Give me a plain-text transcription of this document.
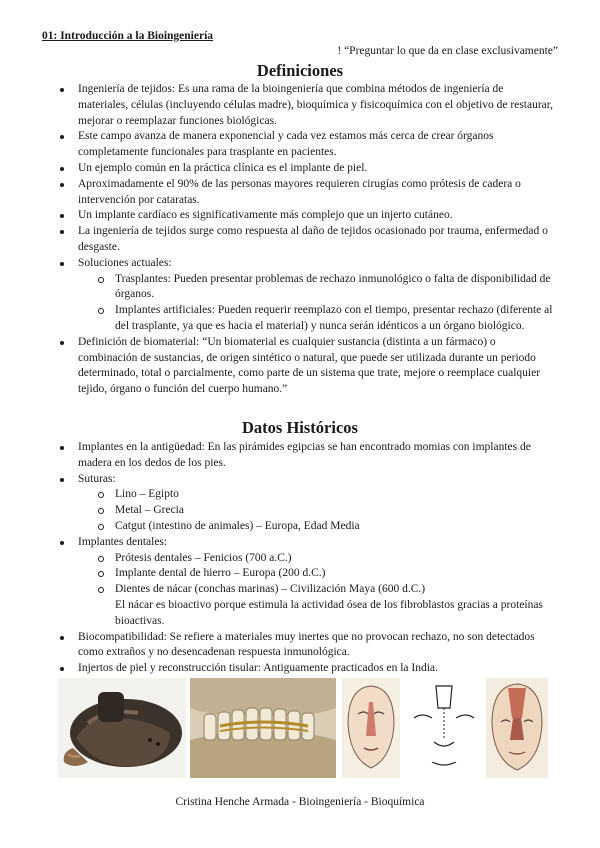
01: Introducción a la Bioingeniería
! “Preguntar lo que da en clase exclusivamente”
Definiciones
Ingeniería de tejidos: Es una rama de la bioingeniería que combina métodos de ingeniería de materiales, células (incluyendo células madre), bioquímica y fisicoquímica con el objetivo de restaurar, mejorar o reemplazar funciones biológicas.
Este campo avanza de manera exponencial y cada vez estamos más cerca de crear órganos completamente funcionales para trasplante en pacientes.
Un ejemplo común en la práctica clínica es el implante de piel.
Aproximadamente el 90% de las personas mayores requieren cirugías como prótesis de cadera o intervención por cataratas.
Un implante cardíaco es significativamente más complejo que un injerto cutáneo.
La ingeniería de tejidos surge como respuesta al daño de tejidos ocasionado por trauma, enfermedad o desgaste.
Soluciones actuales:
Trasplantes: Pueden presentar problemas de rechazo inmunológico o falta de disponibilidad de órganos.
Implantes artificiales: Pueden requerir reemplazo con el tiempo, presentar rechazo (diferente al del trasplante, ya que es hacia el material) y nunca serán idénticos a un órgano biológico.
Definición de biomaterial: “Un biomaterial es cualquier sustancia (distinta a un fármaco) o combinación de sustancias, de origen sintético o natural, que puede ser utilizada durante un periodo determinado, total o parcialmente, como parte de un sistema que trate, mejore o reemplace cualquier tejido, órgano o función del cuerpo humano.”
Datos Históricos
Implantes en la antigüedad: En las pirámides egipcias se han encontrado momias con implantes de madera en los dedos de los pies.
Suturas:
Lino – Egipto
Metal – Grecia
Catgut (intestino de animales) – Europa, Edad Media
Implantes dentales:
Prótesis dentales – Fenicios (700 a.C.)
Implante dental de hierro – Europa (200 d.C.)
Dientes de nácar (conchas marinas) – Civilización Maya (600 d.C.)
El nácar es bioactivo porque estimula la actividad ósea de los fibroblastos gracias a proteínas bioactivas.
Biocompatibilidad: Se refiere a materiales muy inertes que no provocan rechazo, no son detectados como extraños y no desencadenan respuesta inmunológica.
Injertos de piel y reconstrucción tisular: Antiguamente practicados en la India.
Cristina Henche Armada - Bioingeniería - Bioquímica
